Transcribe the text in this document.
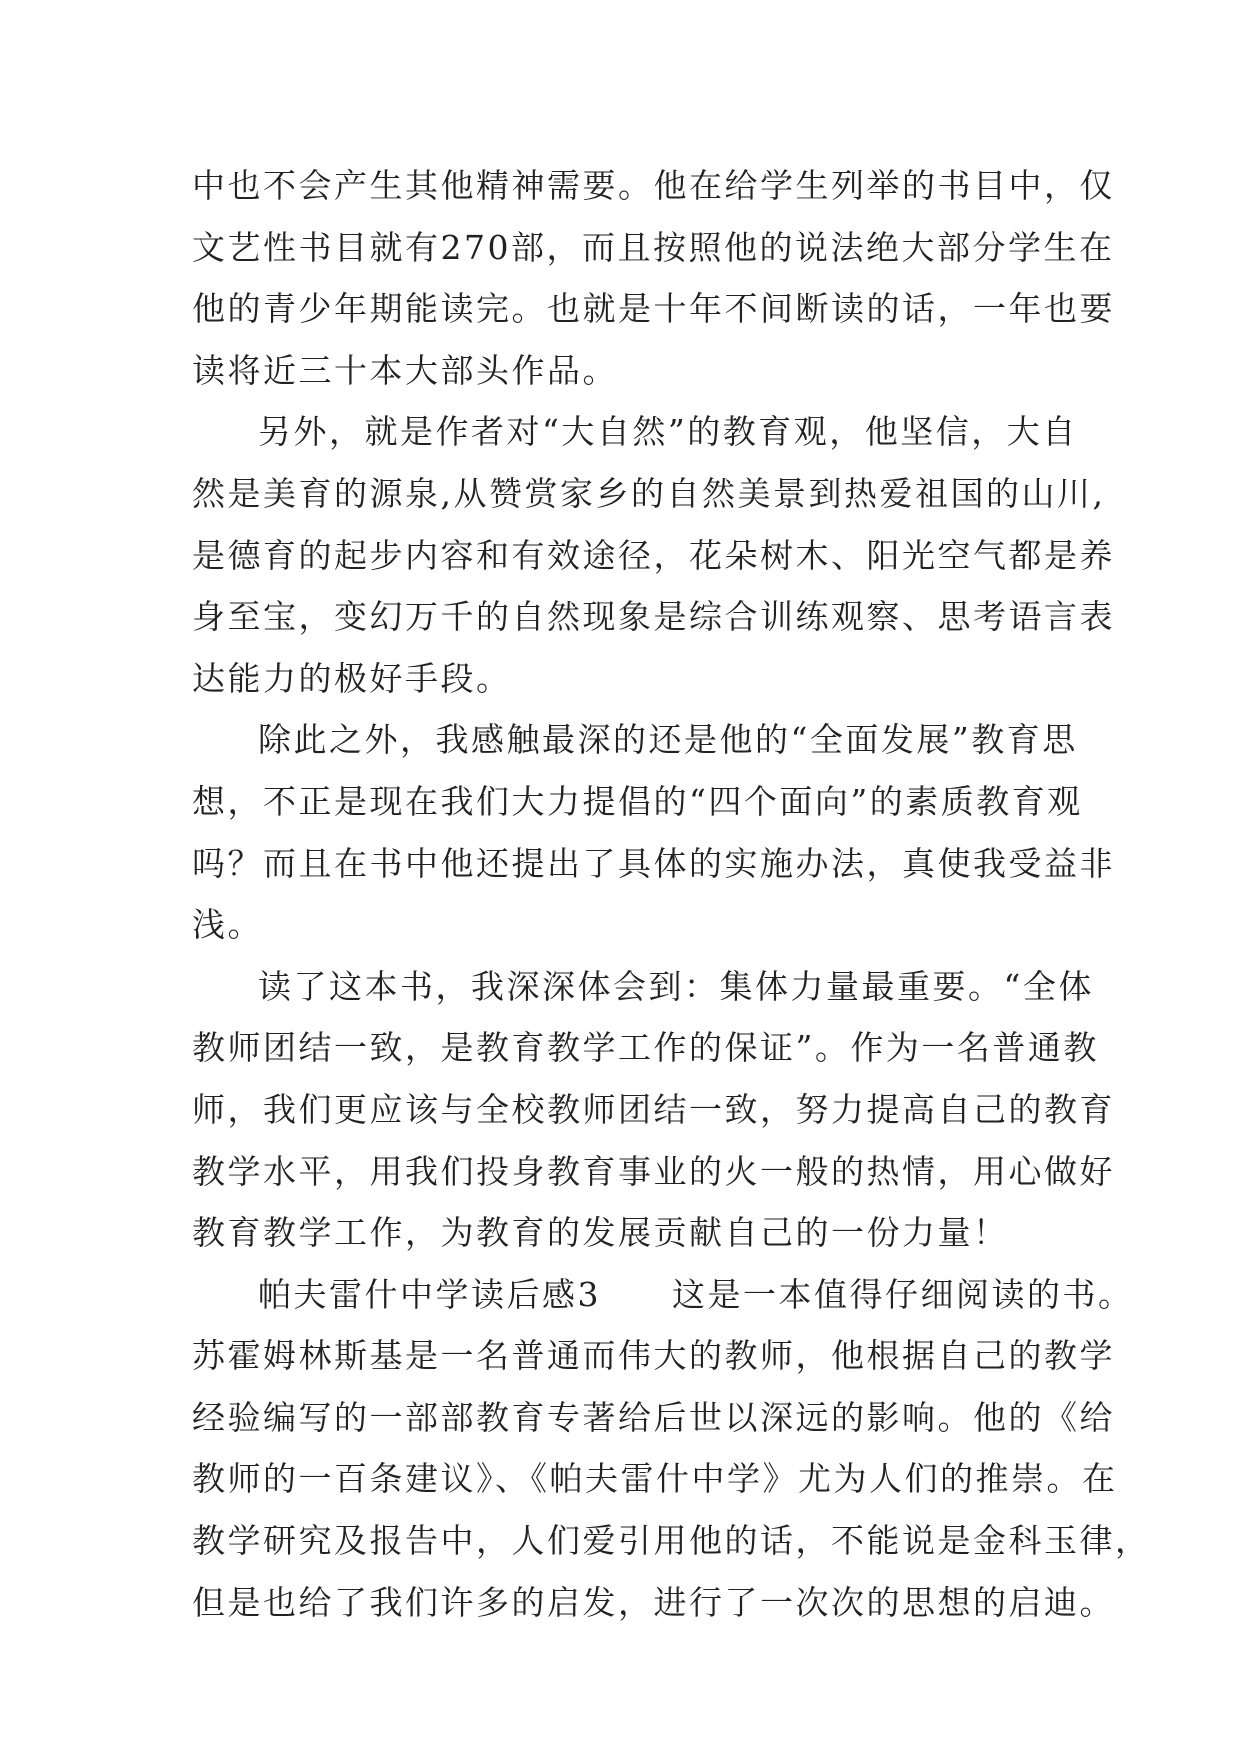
中也不会产生其他精神需要。他在给学生列举的书目中，仅
文艺性书目就有270部，而且按照他的说法绝大部分学生在
他的青少年期能读完。也就是十年不间断读的话，一年也要
读将近三十本大部头作品。
另外，就是作者对“大自然”的教育观，他坚信，大自
然是美育的源泉,从赞赏家乡的自然美景到热爱祖国的山川,
是德育的起步内容和有效途径，花朵树木、阳光空气都是养
身至宝，变幻万千的自然现象是综合训练观察、思考语言表
达能力的极好手段。
除此之外，我感触最深的还是他的“全面发展”教育思
想，不正是现在我们大力提倡的“四个面向”的素质教育观
吗？而且在书中他还提出了具体的实施办法，真使我受益非
浅。
读了这本书，我深深体会到：集体力量最重要。“全体
教师团结一致，是教育教学工作的保证”。作为一名普通教
师，我们更应该与全校教师团结一致，努力提高自己的教育
教学水平，用我们投身教育事业的火一般的热情，用心做好
教育教学工作，为教育的发展贡献自己的一份力量！
帕夫雷什中学读后感3　　这是一本值得仔细阅读的书。
苏霍姆林斯基是一名普通而伟大的教师，他根据自己的教学
经验编写的一部部教育专著给后世以深远的影响。他的《给
教师的一百条建议》、《帕夫雷什中学》尤为人们的推崇。在
教学研究及报告中，人们爱引用他的话，不能说是金科玉律，
但是也给了我们许多的启发，进行了一次次的思想的启迪。
